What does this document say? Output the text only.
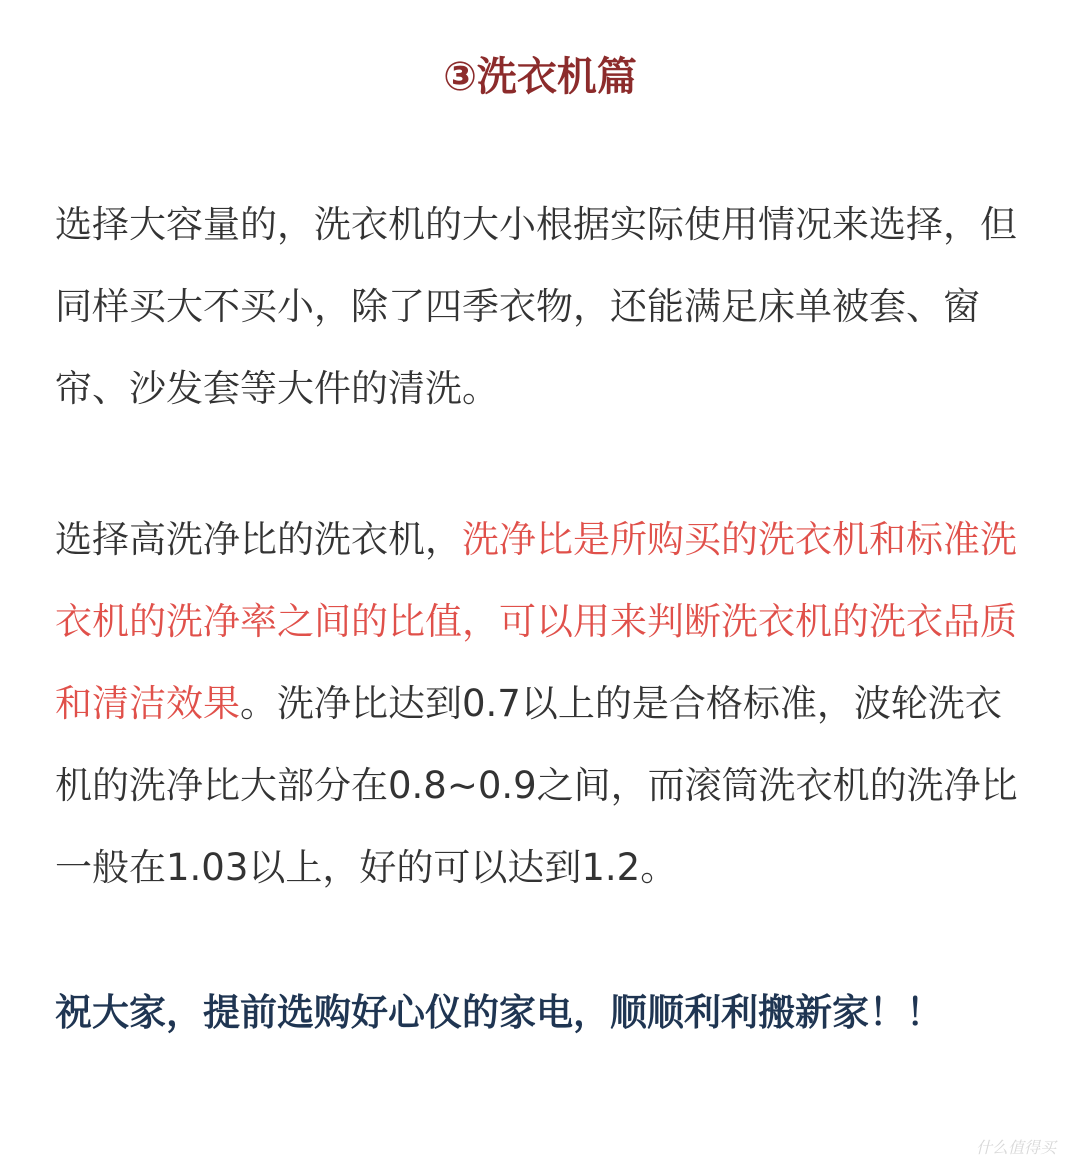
③洗衣机篇

选择大容量的，洗衣机的大小根据实际使用情况来选择，但同样买大不买小，除了四季衣物，还能满足床单被套、窗帘、沙发套等大件的清洗。

选择高洗净比的洗衣机，洗净比是所购买的洗衣机和标准洗衣机的洗净率之间的比值，可以用来判断洗衣机的洗衣品质和清洁效果。洗净比达到0.7以上的是合格标准，波轮洗衣机的洗净比大部分在0.8~0.9之间，而滚筒洗衣机的洗净比一般在1.03以上，好的可以达到1.2。

祝大家，提前选购好心仪的家电，顺顺利利搬新家！！

什么值得买
